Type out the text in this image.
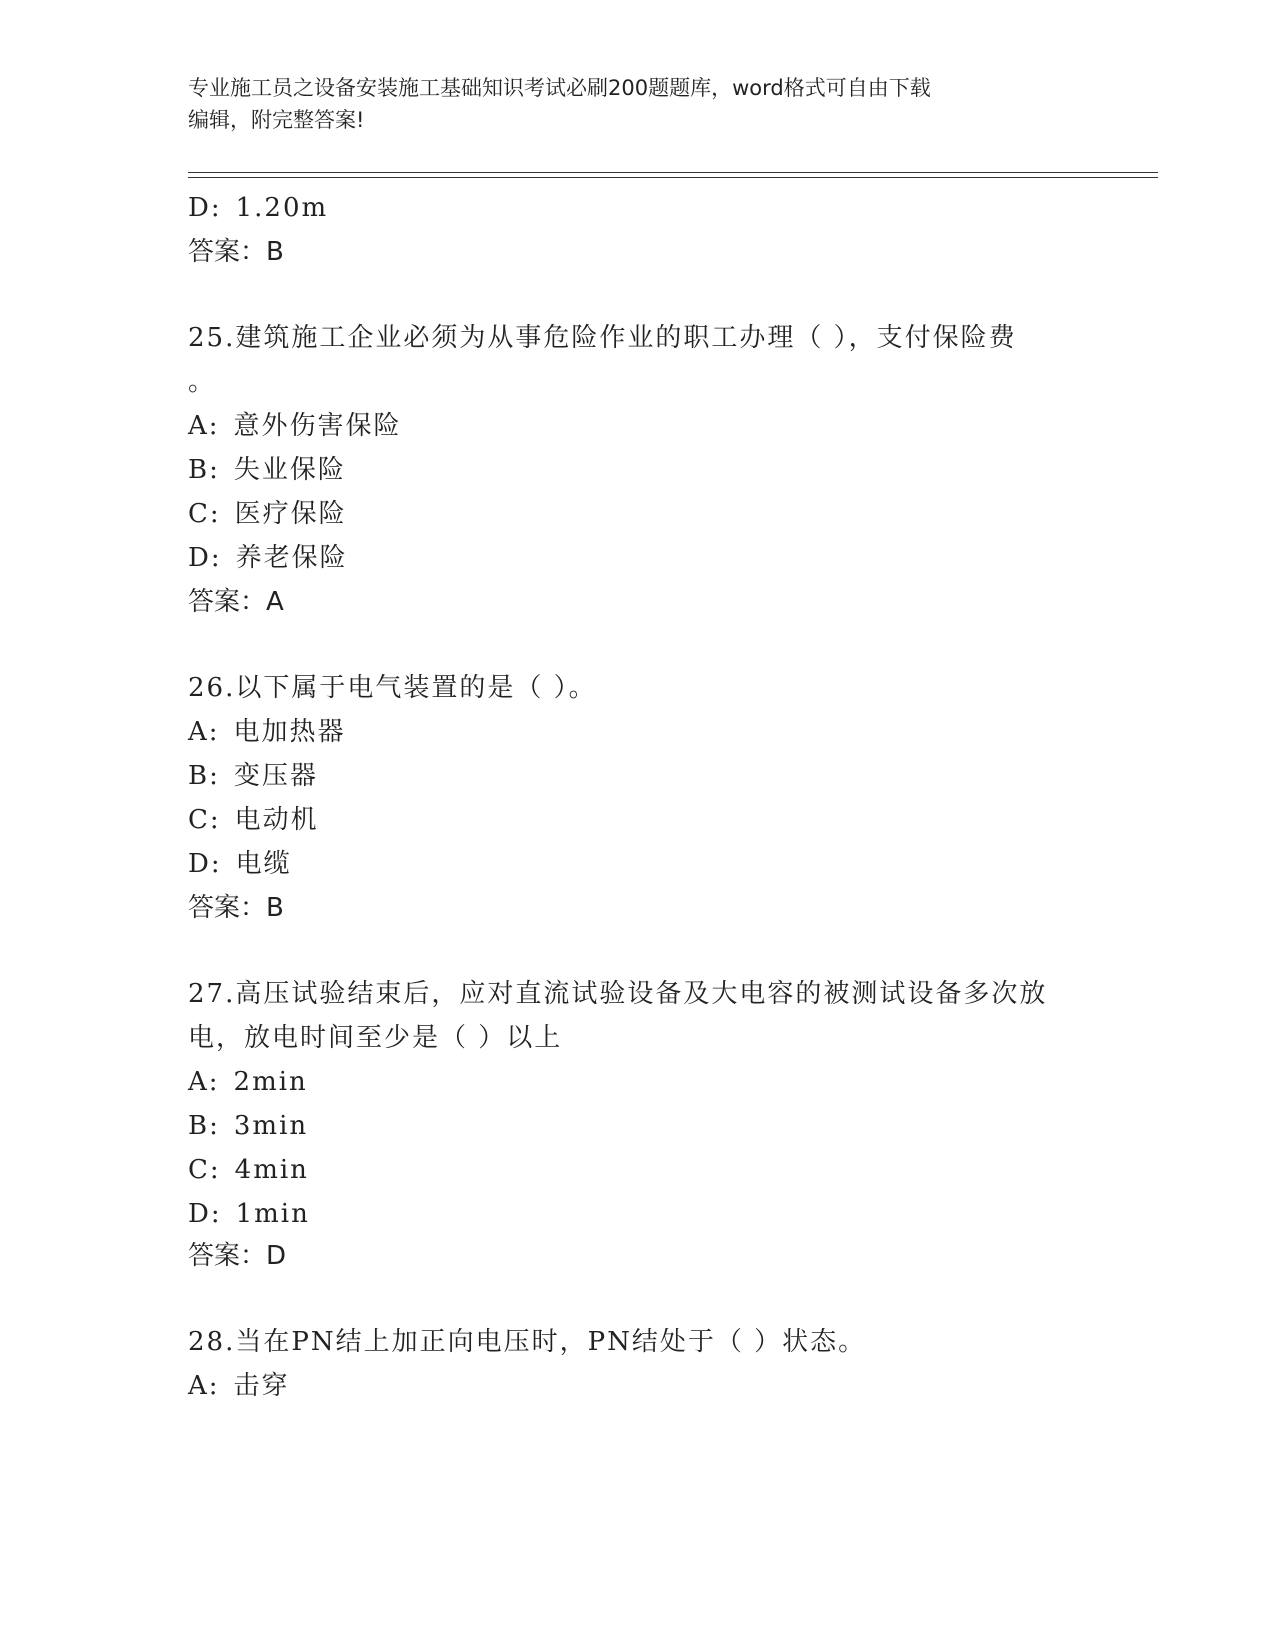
专业施工员之设备安装施工基础知识考试必刷200题题库，word格式可自由下载
编辑，附完整答案!
D: 1.20m
答案：B
25.建筑施工企业必须为从事危险作业的职工办理（ ），支付保险费
。
A: 意外伤害保险
B: 失业保险
C: 医疗保险
D: 养老保险
答案：A
26.以下属于电气装置的是（ ）。
A: 电加热器
B: 变压器
C: 电动机
D: 电缆
答案：B
27.高压试验结束后，应对直流试验设备及大电容的被测试设备多次放
电，放电时间至少是（ ）以上
A: 2min
B: 3min
C: 4min
D: 1min
答案：D
28.当在PN结上加正向电压时，PN结处于（ ）状态。
A: 击穿
